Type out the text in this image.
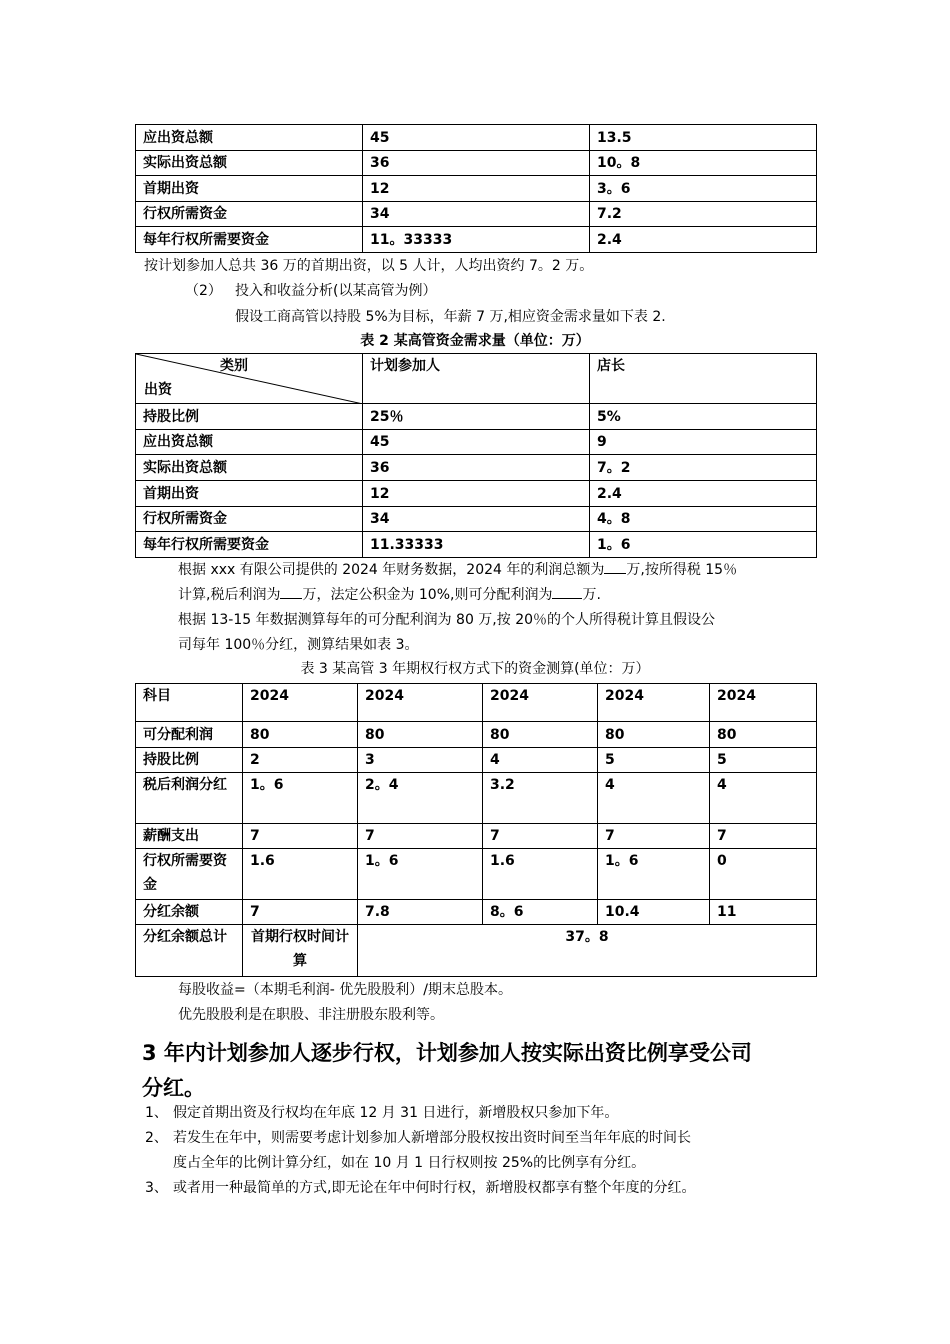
应出资总额	45	13.5
实际出资总额	36	10。8
首期出资	12	3。6
行权所需资金	34	7.2
每年行权所需要资金	11。33333	2.4
按计划参加人总共 36 万的首期出资，以 5 人计，人均出资约 7。2 万。
（2） 投入和收益分析(以某高管为例）
假设工商高管以持股 5%为目标，年薪 7 万,相应资金需求量如下表 2.
表 2 某高管资金需求量（单位：万）
类别
出资	计划参加人	店长
持股比例	25％	5%
应出资总额	45	9
实际出资总额	36	7。2
首期出资	12	2.4
行权所需资金	34	4。8
每年行权所需要资金	11.33333	1。6
根据 xxx 有限公司提供的 2024 年财务数据，2024 年的利润总额为 万,按所得税 15％
计算,税后利润为 万，法定公积金为 10%,则可分配利润为 万.
根据 13-15 年数据测算每年的可分配利润为 80 万,按 20％的个人所得税计算且假设公
司每年 100％分红，测算结果如表 3。
表 3 某高管 3 年期权行权方式下的资金测算(单位：万）
科目	2024	2024	2024	2024	2024
可分配利润	80	80	80	80	80
持股比例	2	3	4	5	5
税后利润分红	1。6	2。4	3.2	4	4
薪酬支出	7	7	7	7	7
行权所需要资金	1.6	1。6	1.6	1。6	0
分红余额	7	7.8	8。6	10.4	11
分红余额总计	首期行权时间计算	37。8			
每股收益=（本期毛利润- 优先股股利）/期末总股本。
优先股股利是在职股、非注册股东股利等。
3 年内计划参加人逐步行权，计划参加人按实际出资比例享受公司
分红。
1、 假定首期出资及行权均在年底 12 月 31 日进行，新增股权只参加下年。
2、 若发生在年中，则需要考虑计划参加人新增部分股权按出资时间至当年年底的时间长
度占全年的比例计算分红，如在 10 月 1 日行权则按 25%的比例享有分红。
3、 或者用一种最简单的方式,即无论在年中何时行权，新增股权都享有整个年度的分红。
